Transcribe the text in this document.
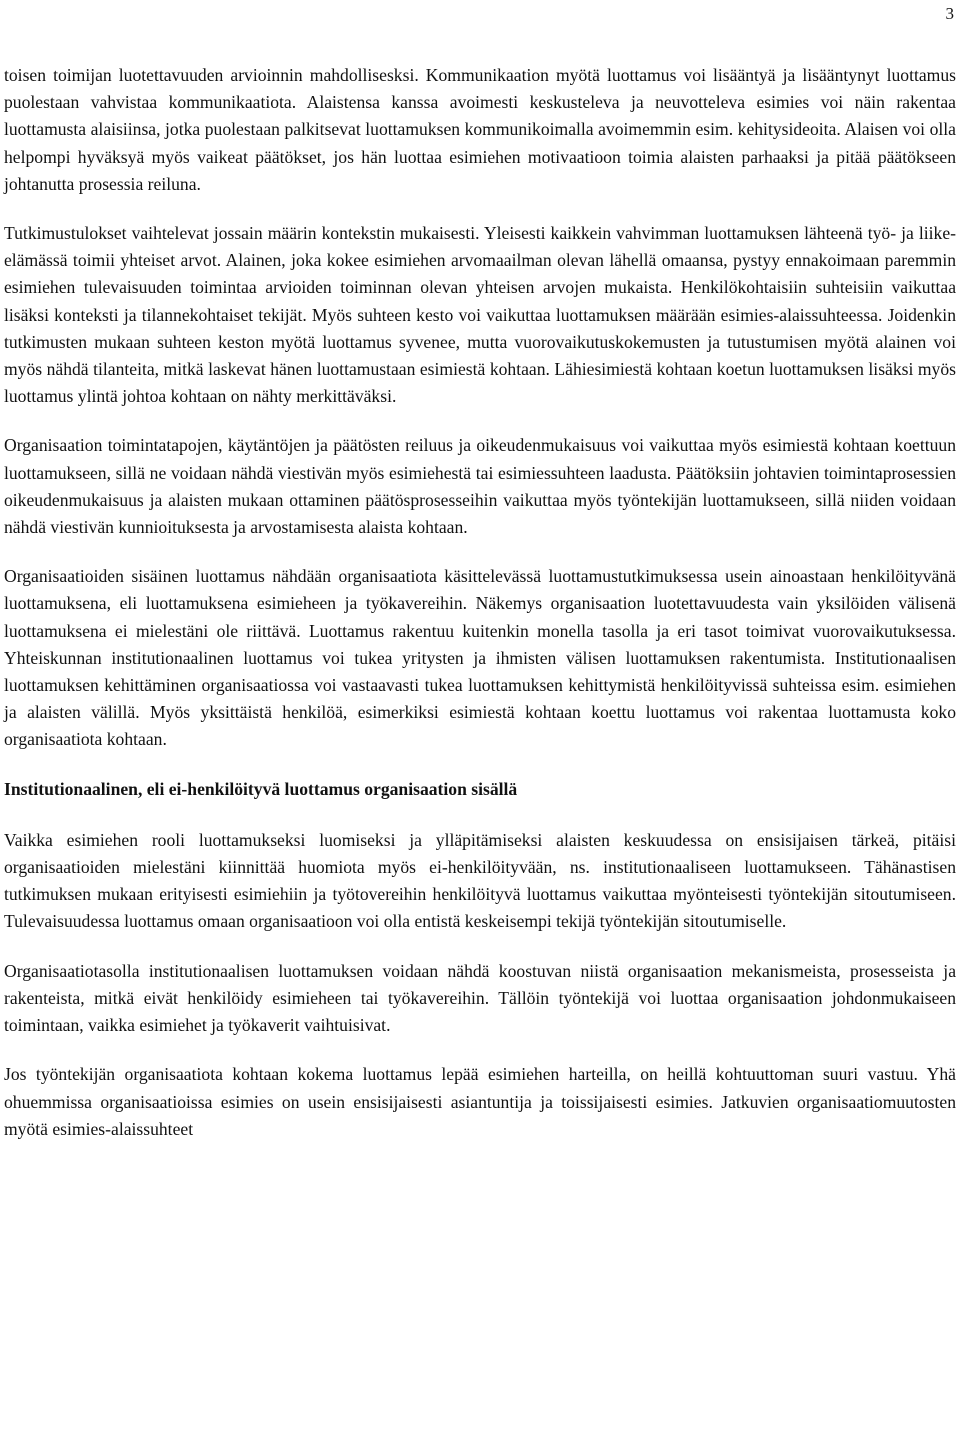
3

toisen toimijan luotettavuuden arvioinnin mahdollisesksi. Kommunikaation myötä luottamus voi lisääntyä ja lisääntynyt luottamus puolestaan vahvistaa kommunikaatiota. Alaistensa kanssa avoimesti keskusteleva ja neuvotteleva esimies voi näin rakentaa luottamusta alaisiinsa, jotka puolestaan palkitsevat luottamuksen kommunikoimalla avoimemmin esim. kehitysideoita. Alaisen voi olla helpompi hyväksyä myös vaikeat päätökset, jos hän luottaa esimiehen motivaatioon toimia alaisten parhaaksi ja pitää päätökseen johtanutta prosessia reiluna.

Tutkimustulokset vaihtelevat jossain määrin kontekstin mukaisesti. Yleisesti kaikkein vahvimman luottamuksen lähteenä työ- ja liike-elämässä toimii yhteiset arvot. Alainen, joka kokee esimiehen arvomaailman olevan lähellä omaansa, pystyy ennakoimaan paremmin esimiehen tulevaisuuden toimintaa arvioiden toiminnan olevan yhteisen arvojen mukaista. Henkilökohtaisiin suhteisiin vaikuttaa lisäksi konteksti ja tilannekohtaiset tekijät. Myös suhteen kesto voi vaikuttaa luottamuksen määrään esimies-alaissuhteessa. Joidenkin tutkimusten mukaan suhteen keston myötä luottamus syvenee, mutta vuorovaikutuskokemusten ja tutustumisen myötä alainen voi myös nähdä tilanteita, mitkä laskevat hänen luottamustaan esimiestä kohtaan. Lähiesimiestä kohtaan koetun luottamuksen lisäksi myös luottamus ylintä johtoa kohtaan on nähty merkittäväksi.

Organisaation toimintatapojen, käytäntöjen ja päätösten reiluus ja oikeudenmukaisuus voi vaikuttaa myös esimiestä kohtaan koettuun luottamukseen, sillä ne voidaan nähdä viestivän myös esimiehestä tai esimiessuhteen laadusta. Päätöksiin johtavien toimintaprosessien oikeudenmukaisuus ja alaisten mukaan ottaminen päätösprosesseihin vaikuttaa myös työntekijän luottamukseen, sillä niiden voidaan nähdä viestivän kunnioituksesta ja arvostamisesta alaista kohtaan.

Organisaatioiden sisäinen luottamus nähdään organisaatiota käsittelevässä luottamustutkimuksessa usein ainoastaan henkilöityvänä luottamuksena, eli luottamuksena esimieheen ja työkavereihin. Näkemys organisaation luotettavuudesta vain yksilöiden välisenä luottamuksena ei mielestäni ole riittävä. Luottamus rakentuu kuitenkin monella tasolla ja eri tasot toimivat vuorovaikutuksessa. Yhteiskunnan institutionaalinen luottamus voi tukea yritysten ja ihmisten välisen luottamuksen rakentumista. Institutionaalisen luottamuksen kehittäminen organisaatiossa voi vastaavasti tukea luottamuksen kehittymistä henkilöityvissä suhteissa esim. esimiehen ja alaisten välillä. Myös yksittäistä henkilöä, esimerkiksi esimiestä kohtaan koettu luottamus voi rakentaa luottamusta koko organisaatiota kohtaan.

Institutionaalinen, eli ei-henkilöityvä luottamus organisaation sisällä

Vaikka esimiehen rooli luottamukseksi luomiseksi ja ylläpitämiseksi alaisten keskuudessa on ensisijaisen tärkeä, pitäisi organisaatioiden mielestäni kiinnittää huomiota myös ei-henkilöityvään, ns. institutionaaliseen luottamukseen. Tähänastisen tutkimuksen mukaan erityisesti esimiehiin ja työtovereihin henkilöityvä luottamus vaikuttaa myönteisesti työntekijän sitoutumiseen. Tulevaisuudessa luottamus omaan organisaatioon voi olla entistä keskeisempi tekijä työntekijän sitoutumiselle.

Organisaatiotasolla institutionaalisen luottamuksen voidaan nähdä koostuvan niistä organisaation mekanismeista, prosesseista ja rakenteista, mitkä eivät henkilöidy esimieheen tai työkavereihin. Tällöin työntekijä voi luottaa organisaation johdonmukaiseen toimintaan, vaikka esimiehet ja työkaverit vaihtuisivat.

Jos työntekijän organisaatiota kohtaan kokema luottamus lepää esimiehen harteilla, on heillä kohtuuttoman suuri vastuu. Yhä ohuemmissa organisaatioissa esimies on usein ensisijaisesti asiantuntija ja toissijaisesti esimies. Jatkuvien organisaatiomuutosten myötä esimies-alaissuhteet
